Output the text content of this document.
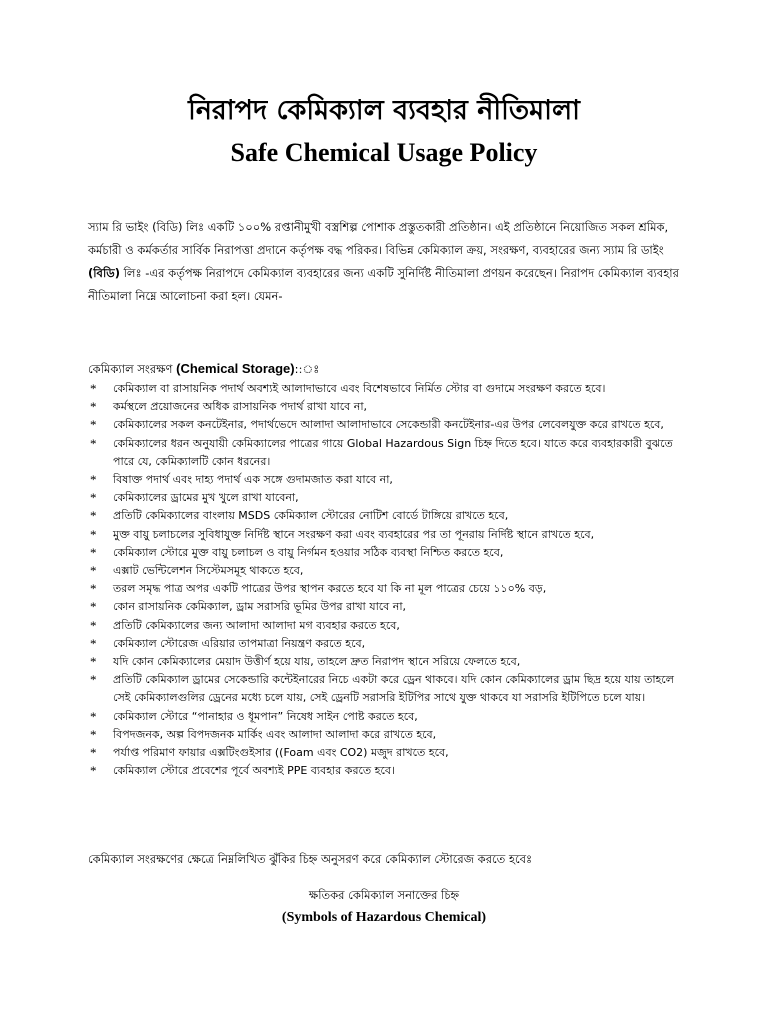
নিরাপদ কেমিক্যাল ব্যবহার নীতিমালা
Safe Chemical Usage Policy
স্যাম রি ভাইং (বিডি) লিঃ একটি ১০০% রপ্তানীমুখী বস্ত্রশিল্প পোশাক প্রস্তুতকারী প্রতিষ্ঠান। এই প্রতিষ্ঠানে নিয়োজিত সকল শ্রমিক, কর্মচারী ও কর্মকর্তার সার্বিক নিরাপত্তা প্রদানে কর্তৃপক্ষ বদ্ধ পরিকর। বিভিন্ন কেমিক্যাল ক্রয়, সংরক্ষণ, ব্যবহারের জন্য স্যাম রি ডাইং (বিডি) লিঃ -এর কর্তৃপক্ষ নিরাপদে কেমিক্যাল ব্যবহারের জন্য একটি সুনির্দিষ্ট নীতিমালা প্রণয়ন করেছেন। নিরাপদ কেমিক্যাল ব্যবহার নীতিমালা নিম্নে আলোচনা করা হল। যেমন-
কেমিক্যাল সংরক্ষণ (Chemical Storage)::ঃ
* কেমিক্যাল বা রাসায়নিক পদার্থ অবশ্যই আলাদাভাবে এবং বিশেষভাবে নির্মিত স্টোর বা গুদামে সংরক্ষণ করতে হবে।
* কর্মস্থলে প্রয়োজনের অধিক রাসায়নিক পদার্থ রাখা যাবে না,
* কেমিক্যালের সকল কনটেইনার, পদার্থভেদে আলাদা আলাদাভাবে সেকেন্ডারী কনটেইনার-এর উপর লেবেলযুক্ত করে রাখতে হবে,
* কেমিক্যালের ধরন অনুযায়ী কেমিক্যালের পাত্রের গায়ে Global Hazardous Sign চিহ্ন দিতে হবে। যাতে করে ব্যবহারকারী বুঝতে পারে যে, কেমিক্যালটি কোন ধরনের।
* বিষাক্ত পদার্থ এবং দাহ্য পদার্থ এক সঙ্গে গুদামজাত করা যাবে না,
* কেমিক্যালের ড্রামের মুখ খুলে রাখা যাবেনা,
* প্রতিটি কেমিক্যালের বাংলায় MSDS কেমিক্যাল স্টোরের নোটিশ বোর্ডে টাঙ্গিয়ে রাখতে হবে,
* মুক্ত বায়ু চলাচলের সুবিধাযুক্ত নির্দিষ্ট স্থানে সংরক্ষণ করা এবং ব্যবহারের পর তা পূনরায় নির্দিষ্ট স্থানে রাখতে হবে,
* কেমিক্যাল স্টোরে মুক্ত বায়ু চলাচল ও বায়ু নির্গমন হওয়ার সঠিক ব্যবস্থা নিশ্চিত করতে হবে,
* এক্সাট ভেন্টিলেশন সিস্টেমসমূহ থাকতে হবে,
* তরল সমৃদ্ধ পাত্র অপর একটি পাত্রের উপর স্থাপন করতে হবে যা কি না মূল পাত্রের চেয়ে ১১০% বড়,
* কোন রাসায়নিক কেমিক্যাল, ড্রাম সরাসরি ভূমির উপর রাখা যাবে না,
* প্রতিটি কেমিক্যালের জন্য আলাদা আলাদা মগ ব্যবহার করতে হবে,
* কেমিক্যাল স্টোরেজ এরিয়ার তাপমাত্রা নিয়ন্ত্রণ করতে হবে,
* যদি কোন কেমিক্যালের মেয়াদ উত্তীর্ণ হয়ে যায়, তাহলে দ্রুত নিরাপদ স্থানে সরিয়ে ফেলতে হবে,
* প্রতিটি কেমিক্যাল ড্রামের সেকেন্ডারি কন্টেইনারের নিচে একটা করে ড্রেন থাকবে। যদি কোন কেমিক্যালের ড্রাম ছিদ্র হয়ে যায় তাহলে সেই কেমিক্যালগুলির ড্রেনের মধ্যে চলে যায়, সেই ড্রেনটি সরাসরি ইটিপির সাথে যুক্ত থাকবে যা সরাসরি ইটিপিতে চলে যায়।
* কেমিক্যাল স্টোরে “পানাহার ও ধূমপান” নিষেধ সাইন পোষ্ট করতে হবে,
* বিপদজনক, অল্প বিপদজনক মার্কিং এবং আলাদা আলাদা করে রাখতে হবে,
* পর্যাপ্ত পরিমাণ ফায়ার এক্সটিংগুইসার ((Foam এবং CO2) মজুদ রাখতে হবে,
* কেমিক্যাল স্টোরে প্রবেশের পূর্বে অবশ্যই PPE ব্যবহার করতে হবে।
কেমিক্যাল সংরক্ষণের ক্ষেত্রে নিম্নলিখিত ঝুঁকির চিহ্ন অনুসরণ করে কেমিক্যাল স্টোরেজ করতে হবেঃ
ক্ষতিকর কেমিক্যাল সনাক্তের চিহ্ন
(Symbols of Hazardous Chemical)
